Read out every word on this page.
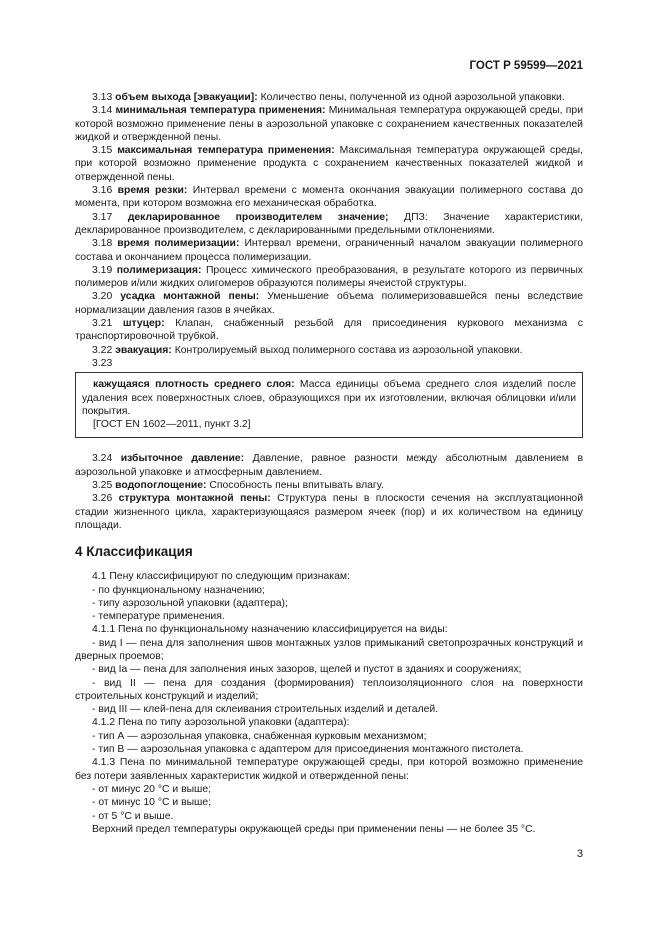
ГОСТ Р 59599—2021

3.13 объем выхода [эвакуации]: Количество пены, полученной из одной аэрозольной упаковки.

3.14 минимальная температура применения: Минимальная температура окружающей среды, при которой возможно применение пены в аэрозольной упаковке с сохранением качественных показателей жидкой и отвержденной пены.

3.15 максимальная температура применения: Максимальная температура окружающей среды, при которой возможно применение продукта с сохранением качественных показателей жидкой и отвержденной пены.

3.16 время резки: Интервал времени с момента окончания эвакуации полимерного состава до момента, при котором возможна его механическая обработка.

3.17 декларированное производителем значение; ДПЗ: Значение характеристики, декларированное производителем, с декларированными предельными отклонениями.

3.18 время полимеризации: Интервал времени, ограниченный началом эвакуации полимерного состава и окончанием процесса полимеризации.

3.19 полимеризация: Процесс химического преобразования, в результате которого из первичных полимеров и/или жидких олигомеров образуются полимеры ячеистой структуры.

3.20 усадка монтажной пены: Уменьшение объема полимеризовавшейся пены вследствие нормализации давления газов в ячейках.

3.21 штуцер: Клапан, снабженный резьбой для присоединения куркового механизма с транспортировочной трубкой.

3.22 эвакуация: Контролируемый выход полимерного состава из аэрозольной упаковки.

3.23

кажущаяся плотность среднего слоя: Масса единицы объема среднего слоя изделий после удаления всех поверхностных слоев, образующихся при их изготовлении, включая облицовки и/или покрытия.

[ГОСТ EN 1602—2011, пункт 3.2]

3.24 избыточное давление: Давление, равное разности между абсолютным давлением в аэрозольной упаковке и атмосферным давлением.

3.25 водопоглощение: Способность пены впитывать влагу.

3.26 структура монтажной пены: Структура пены в плоскости сечения на эксплуатационной стадии жизненного цикла, характеризующаяся размером ячеек (пор) и их количеством на единицу площади.

4 Классификация

4.1 Пену классифицируют по следующим признакам:

- по функциональному назначению;

- типу аэрозольной упаковки (адаптера);

- температуре применения.

4.1.1 Пена по функциональному назначению классифицируется на виды:

- вид I — пена для заполнения швов монтажных узлов примыканий светопрозрачных конструкций и дверных проемов;

- вид Ia — пена для заполнения иных зазоров, щелей и пустот в зданиях и сооружениях;

- вид II — пена для создания (формирования) теплоизоляционного слоя на поверхности строительных конструкций и изделий;

- вид III — клей-пена для склеивания строительных изделий и деталей.

4.1.2 Пена по типу аэрозольной упаковки (адаптера):

- тип А — аэрозольная упаковка, снабженная курковым механизмом;

- тип В — аэрозольная упаковка с адаптером для присоединения монтажного пистолета.

4.1.3 Пена по минимальной температуре окружающей среды, при которой возможно применение без потери заявленных характеристик жидкой и отвержденной пены:

- от минус 20 °С и выше;

- от минус 10 °С и выше;

- от 5 °С и выше.

Верхний предел температуры окружающей среды при применении пены — не более 35 °С.

3
